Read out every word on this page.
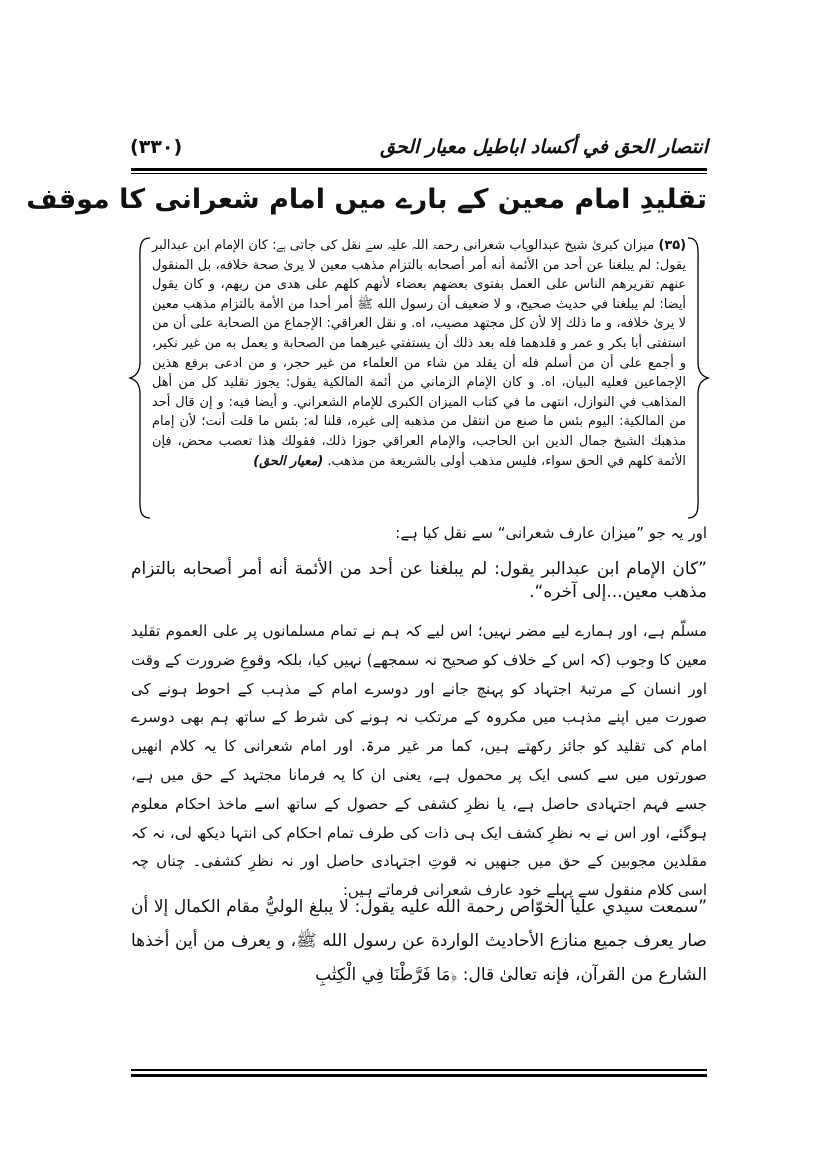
انتصار الحق في أكساد اباطيل معيار الحق
(۳۳۰)
تقلیدِ امام معین کے بارے میں امام شعرانی کا موقف

(۳۵) میزان کبریٰ شیخ عبدالوہاب شعرانی رحمۃ اللہ علیہ سے نقل کی جاتی ہے: كان الإمام ابن عبدالبر يقول: لم يبلغنا عن أحد من الأئمة أنه أمر أصحابه بالتزام مذهب معين لا يرىٰ صحة خلافه، بل المنقول عنهم تقريرهم الناس على العمل بفتوى بعضهم بعضاء لأنهم كلهم على هدى من ربهم، و كان يقول أيضا: لم يبلغنا في حديث صحيح، و لا ضعيف أن رسول الله ﷺ أمر أحدا من الأمة بالتزام مذهب معين لا يرىٰ خلافه، و ما ذلك إلا لأن كل مجتهد مصيب، اه. و نقل العراقي: الإجماع من الصحابة على أن من استفتى أبا بكر و عمر و قلدهما فله بعد ذلك أن يستفتي غيرهما من الصحابة و يعمل به من غير نكير، و أجمع على أن من أسلم فله أن يقلد من شاء من العلماء من غير حجر، و من ادعى برفع هذين الإجماعين فعليه البيان، اه. و كان الإمام الزماني من أئمة المالكية يقول: يجوز تقليد كل من أهل المذاهب في النوازل، انتهى ما في كتاب الميزان الكبرى للإمام الشعراني. و أيضا فيه: و إن قال أحد من المالكية: اليوم بئس ما صنع من انتقل من مذهبه إلى غيره، قلنا له: بئس ما قلت أنت؛ لأن إمام مذهبك الشيخ جمال الدين ابن الحاجب، والإمام العراقي جوزا ذلك، فقولك هذا تعصب محض، فإن الأئمة كلهم في الحق سواء، فليس مذهب أولى بالشريعة من مذهب. (معیار الحق)

اور یہ جو ”میزان عارف شعرانی“ سے نقل کیا ہے:

”كان الإمام ابن عبدالبر يقول: لم يبلغنا عن أحد من الأئمة أنه أمر أصحابه بالتزام مذهب معين...إلى آخره“.

مسلّم ہے، اور ہمارے لیے مضر نہیں؛ اس لیے کہ ہم نے تمام مسلمانوں پر علی العموم تقلید معین کا وجوب (کہ اس کے خلاف کو صحیح نہ سمجھے) نہیں کیا، بلکہ وقوعِ ضرورت کے وقت اور انسان کے مرتبۂ اجتہاد کو پہنچ جانے اور دوسرے امام کے مذہب کے احوط ہونے کی صورت میں اپنے مذہب میں مکروہ کے مرتکب نہ ہونے کی شرط کے ساتھ ہم بھی دوسرے امام کی تقلید کو جائز رکھتے ہیں، کما مر غیر مرۃ. اور امام شعرانی کا یہ کلام انھیں صورتوں میں سے کسی ایک پر محمول ہے، یعنی ان کا یہ فرمانا مجتہد کے حق میں ہے، جسے فہم اجتہادی حاصل ہے، یا نظرِ کشفی کے حصول کے ساتھ اسے ماخذ احکام معلوم ہوگئے، اور اس نے بہ نظرِ کشف ایک ہی ذات کی طرف تمام احکام کی انتہا دیکھ لی، نہ کہ مقلدین مجوبین کے حق میں جنھیں نہ قوتِ اجتہادی حاصل اور نہ نظرِ کشفی۔ چناں چہ اسی کلام منقول سے پہلے خود عارف شعرانی فرماتے ہیں:

”سمعت سيدي عليا الخوّاص رحمة الله عليه يقول: لا يبلغ الوليُّ مقام الكمال إلا أن صار يعرف جميع منازع الأحاديث الواردة عن رسول الله ﷺ، و يعرف من أين أخذها الشارع من القرآن، فإنه تعالىٰ قال: ﴿مَا فَرَّطْنَا فِي الْكِتٰبِ
